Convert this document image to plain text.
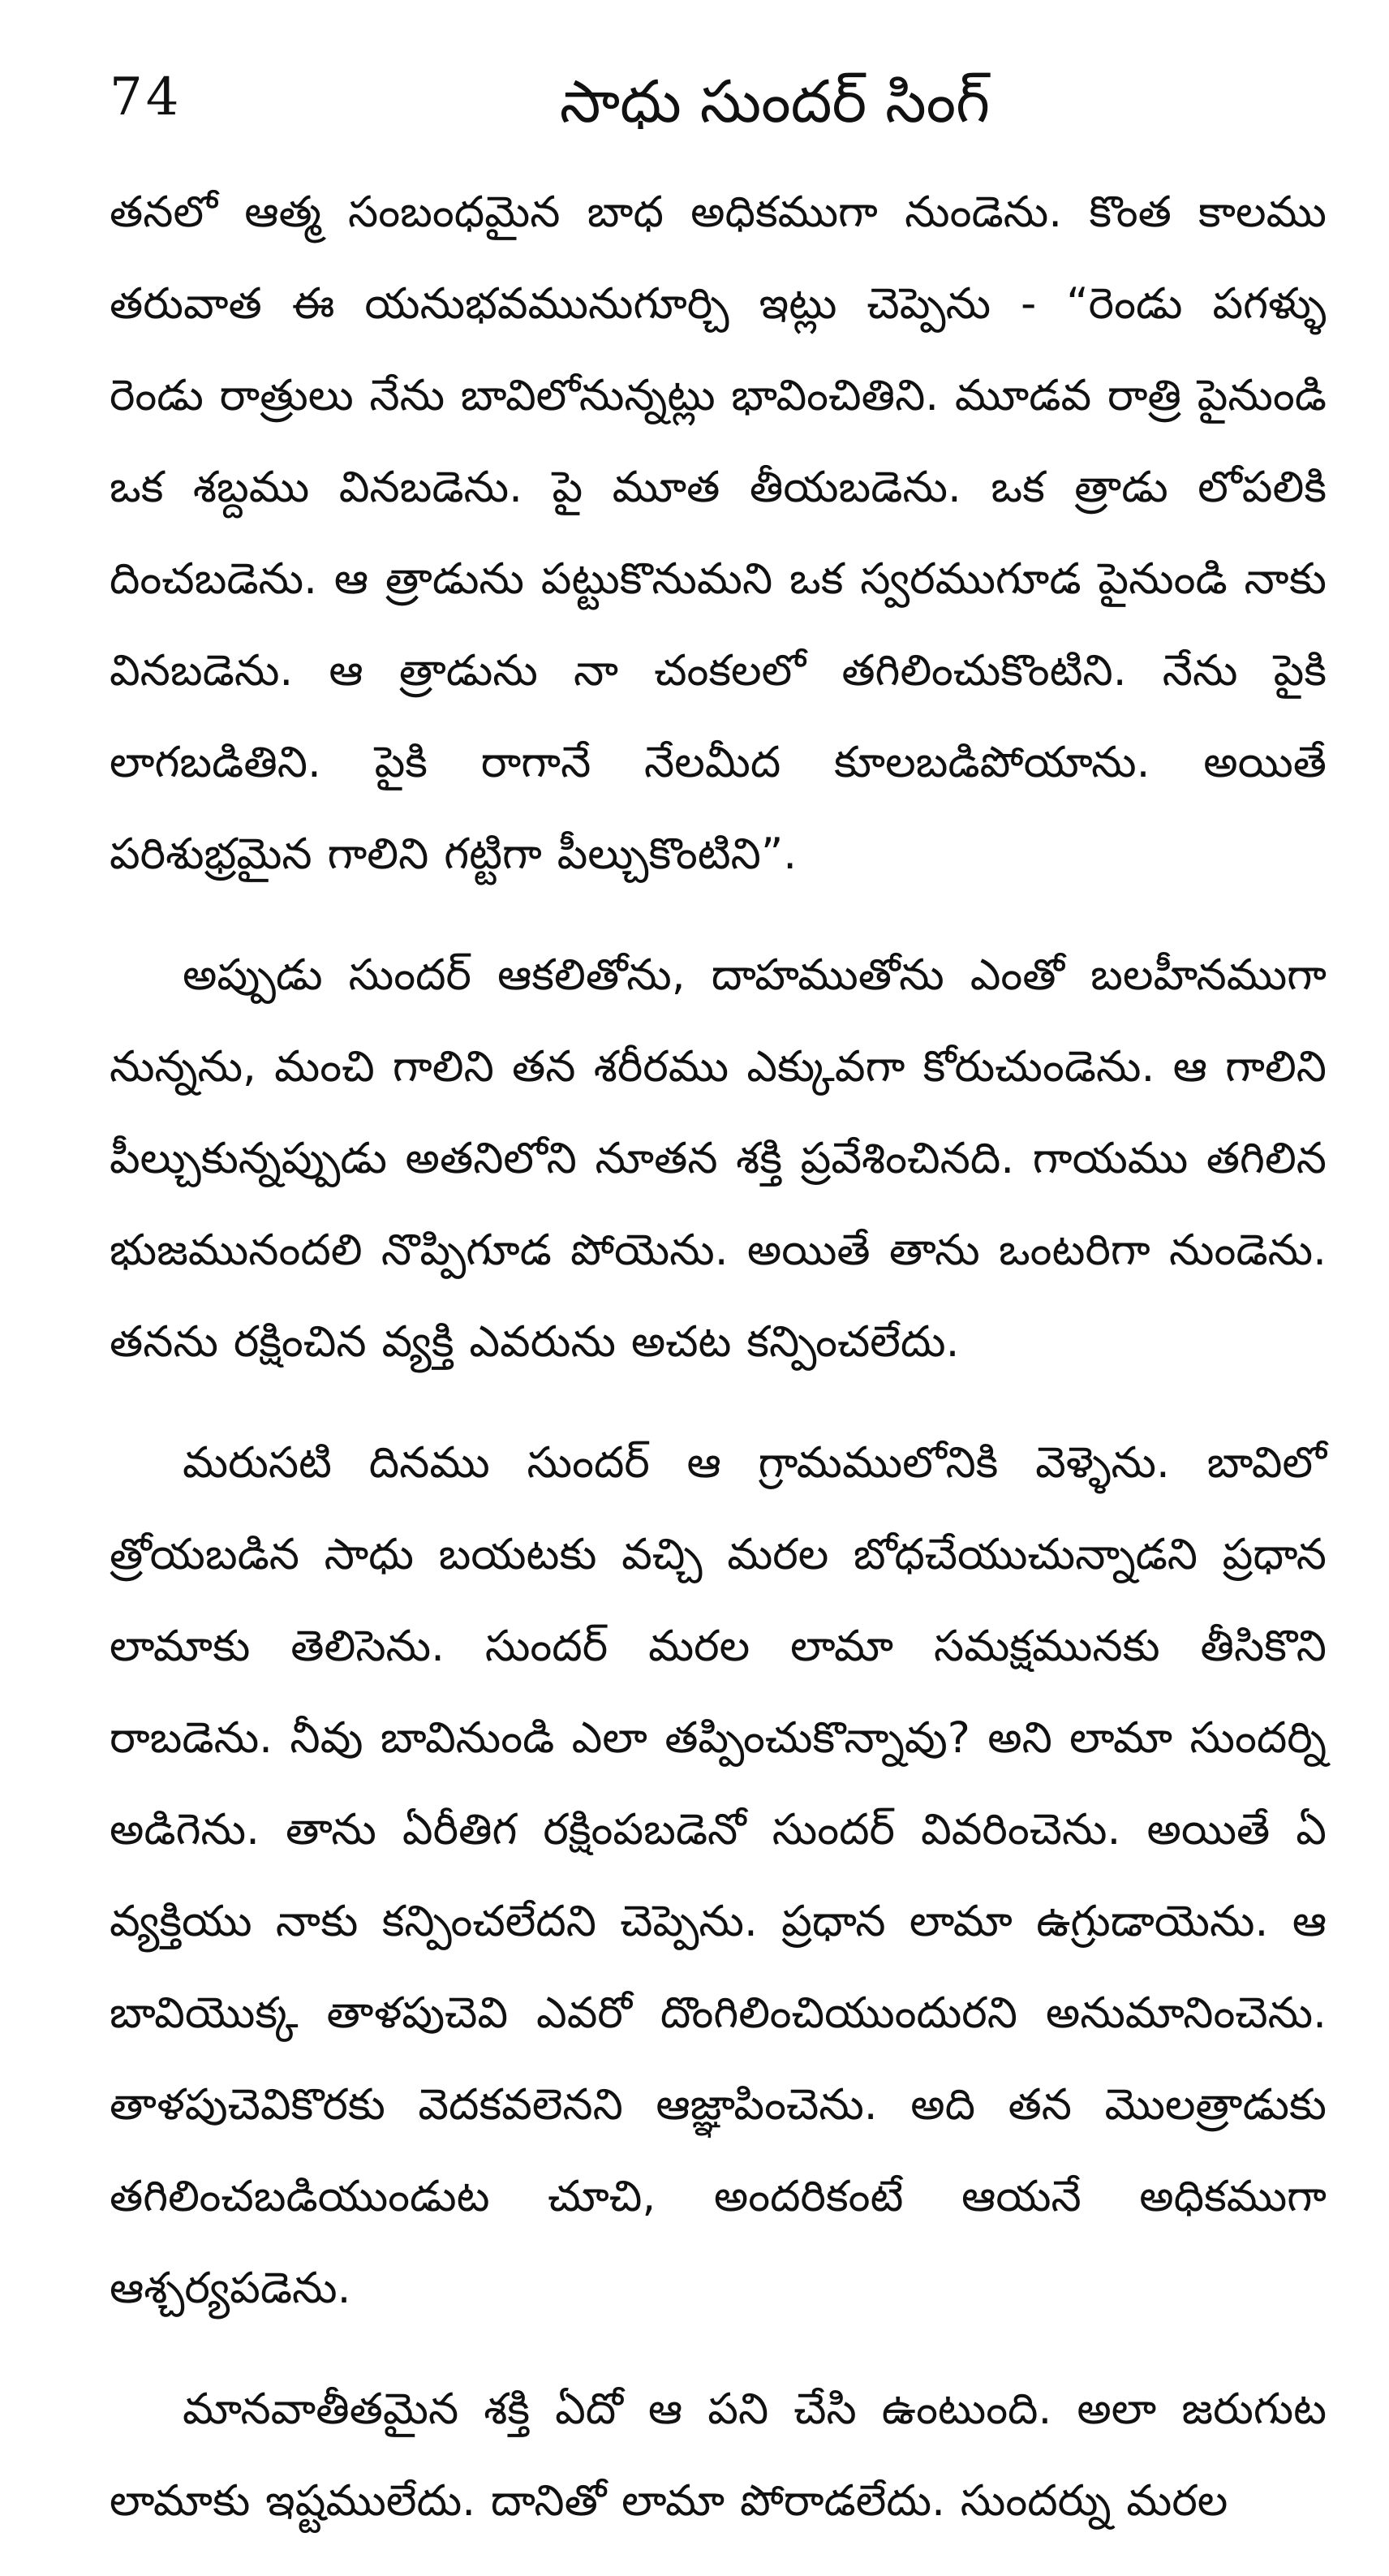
74	సాధు సుందర్ సింగ్

తనలో ఆత్మ సంబంధమైన బాధ అధికముగా నుండెను. కొంత కాలము తరువాత ఈ యనుభవమునుగూర్చి ఇట్లు చెప్పెను - “రెండు పగళ్ళు రెండు రాత్రులు నేను బావిలోనున్నట్లు భావించితిని. మూడవ రాత్రి పైనుండి ఒక శబ్దము వినబడెను. పై మూత తీయబడెను. ఒక త్రాడు లోపలికి దించబడెను. ఆ త్రాడును పట్టుకొనుమని ఒక స్వరముగూడ పైనుండి నాకు వినబడెను. ఆ త్రాడును నా చంకలలో తగిలించుకొంటిని. నేను పైకి లాగబడితిని. పైకి రాగానే నేలమీద కూలబడిపోయాను. అయితే పరిశుభ్రమైన గాలిని గట్టిగా పీల్చుకొంటిని”.

అప్పుడు సుందర్ ఆకలితోను, దాహముతోను ఎంతో బలహీనముగా నున్నను, మంచి గాలిని తన శరీరము ఎక్కువగా కోరుచుండెను. ఆ గాలిని పీల్చుకున్నప్పుడు అతనిలోని నూతన శక్తి ప్రవేశించినది. గాయము తగిలిన భుజమునందలి నొప్పిగూడ పోయెను. అయితే తాను ఒంటరిగా నుండెను. తనను రక్షించిన వ్యక్తి ఎవరును అచట కన్పించలేదు.

మరుసటి దినము సుందర్ ఆ గ్రామములోనికి వెళ్ళెను. బావిలో త్రోయబడిన సాధు బయటకు వచ్చి మరల బోధచేయుచున్నాడని ప్రధాన లామాకు తెలిసెను. సుందర్ మరల లామా సమక్షమునకు తీసికొని రాబడెను. నీవు బావినుండి ఎలా తప్పించుకొన్నావు? అని లామా సుందర్ని అడిగెను. తాను ఏరీతిగ రక్షింపబడెనో సుందర్ వివరించెను. అయితే ఏ వ్యక్తియు నాకు కన్పించలేదని చెప్పెను. ప్రధాన లామా ఉగ్రుడాయెను. ఆ బావియొక్క తాళపుచెవి ఎవరో దొంగిలించియుందురని అనుమానించెను. తాళపుచెవికొరకు వెదకవలెనని ఆజ్ఞాపించెను. అది తన మొలత్రాడుకు తగిలించబడియుండుట చూచి, అందరికంటే ఆయనే అధికముగా ఆశ్చర్యపడెను.

మానవాతీతమైన శక్తి ఏదో ఆ పని చేసి ఉంటుంది. అలా జరుగుట లామాకు ఇష్టములేదు. దానితో లామా పోరాడలేదు. సుందర్ను మరల
